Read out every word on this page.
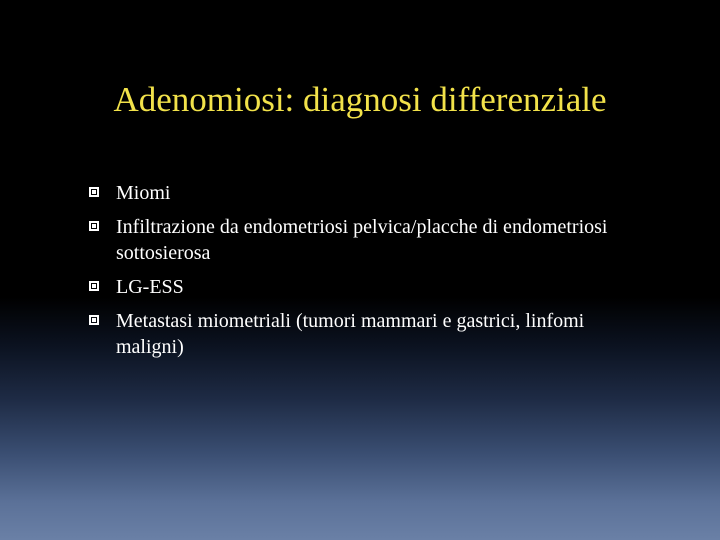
Adenomiosi: diagnosi differenziale
Miomi
Infiltrazione da endometriosi pelvica/placche di endometriosi sottosierosa
LG-ESS
Metastasi miometriali (tumori mammari e gastrici, linfomi maligni)
